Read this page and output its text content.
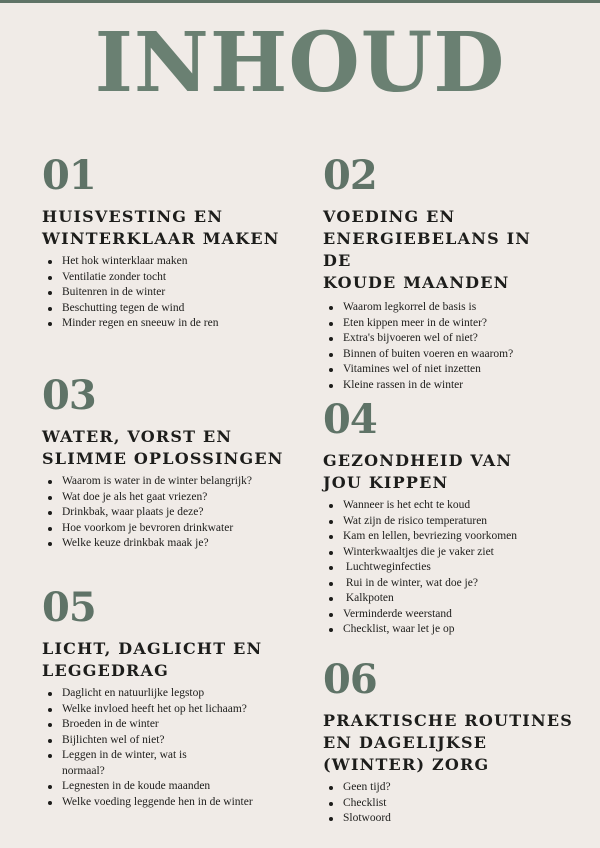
INHOUD
01
HUISVESTING EN
WINTERKLAAR MAKEN
Het hok winterklaar maken
Ventilatie zonder tocht
Buitenren in de winter
Beschutting tegen de wind
Minder regen en sneeuw in de ren
02
VOEDING EN
ENERGIEBELANS IN DE
KOUDE MAANDEN
Waarom legkorrel de basis is
Eten kippen meer in de winter?
Extra's bijvoeren wel of niet?
Binnen of buiten voeren en waarom?
Vitamines wel of niet inzetten
Kleine rassen in de winter
03
WATER, VORST EN
SLIMME OPLOSSINGEN
Waarom is water in de winter belangrijk?
Wat doe je als het gaat vriezen?
Drinkbak, waar plaats je deze?
Hoe voorkom je bevroren drinkwater
Welke keuze drinkbak maak je?
04
GEZONDHEID VAN
JOU KIPPEN
Wanneer is het echt te koud
Wat zijn de risico temperaturen
Kam en lellen, bevriezing voorkomen
Winterkwaaltjes die je vaker ziet
Luchtweginfecties
Rui in de winter, wat doe je?
Kalkpoten
Verminderde weerstand
Checklist, waar let je op
05
LICHT, DAGLICHT EN
LEGGEDRAG
Daglicht en natuurlijke legstop
Welke invloed heeft het op het lichaam?
Broeden in de winter
Bijlichten wel of niet?
Leggen in de winter, wat is normaal?
Legnesten in de koude maanden
Welke voeding leggende hen in de winter
06
PRAKTISCHE ROUTINES
EN DAGELIJKSE
(WINTER) ZORG
Geen tijd?
Checklist
Slotwoord
